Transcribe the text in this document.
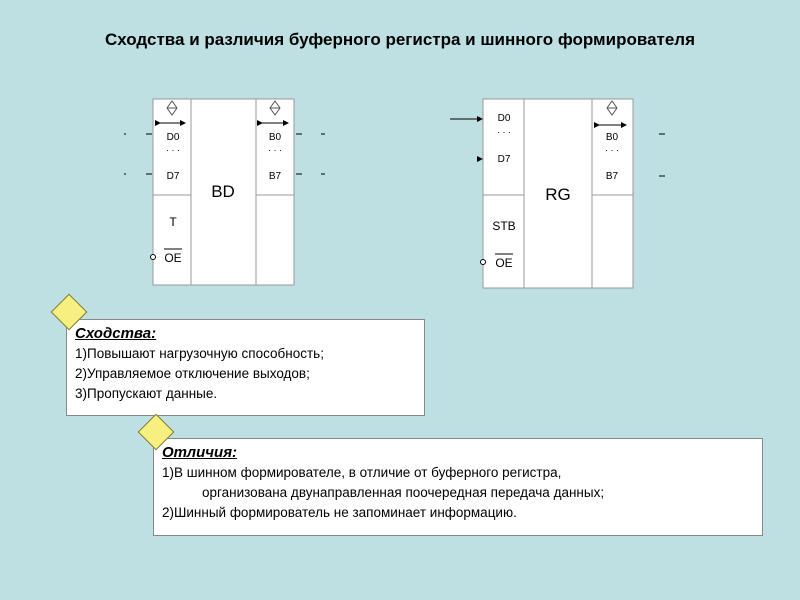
Сходства и различия буферного регистра и шинного формирователя
D0
· · ·
D7
B0
· · ·
B7
BD
T
OE
D0
· · ·
D7
B0
· · ·
B7
RG
STB
OE
Сходства:
1)Повышают нагрузочную способность;
2)Управляемое отключение выходов;
3)Пропускают данные.
Отличия:
1)В шинном формирователе, в отличие от буферного регистра,
организована двунаправленная поочередная передача данных;
2)Шинный формирователь не запоминает информацию.
